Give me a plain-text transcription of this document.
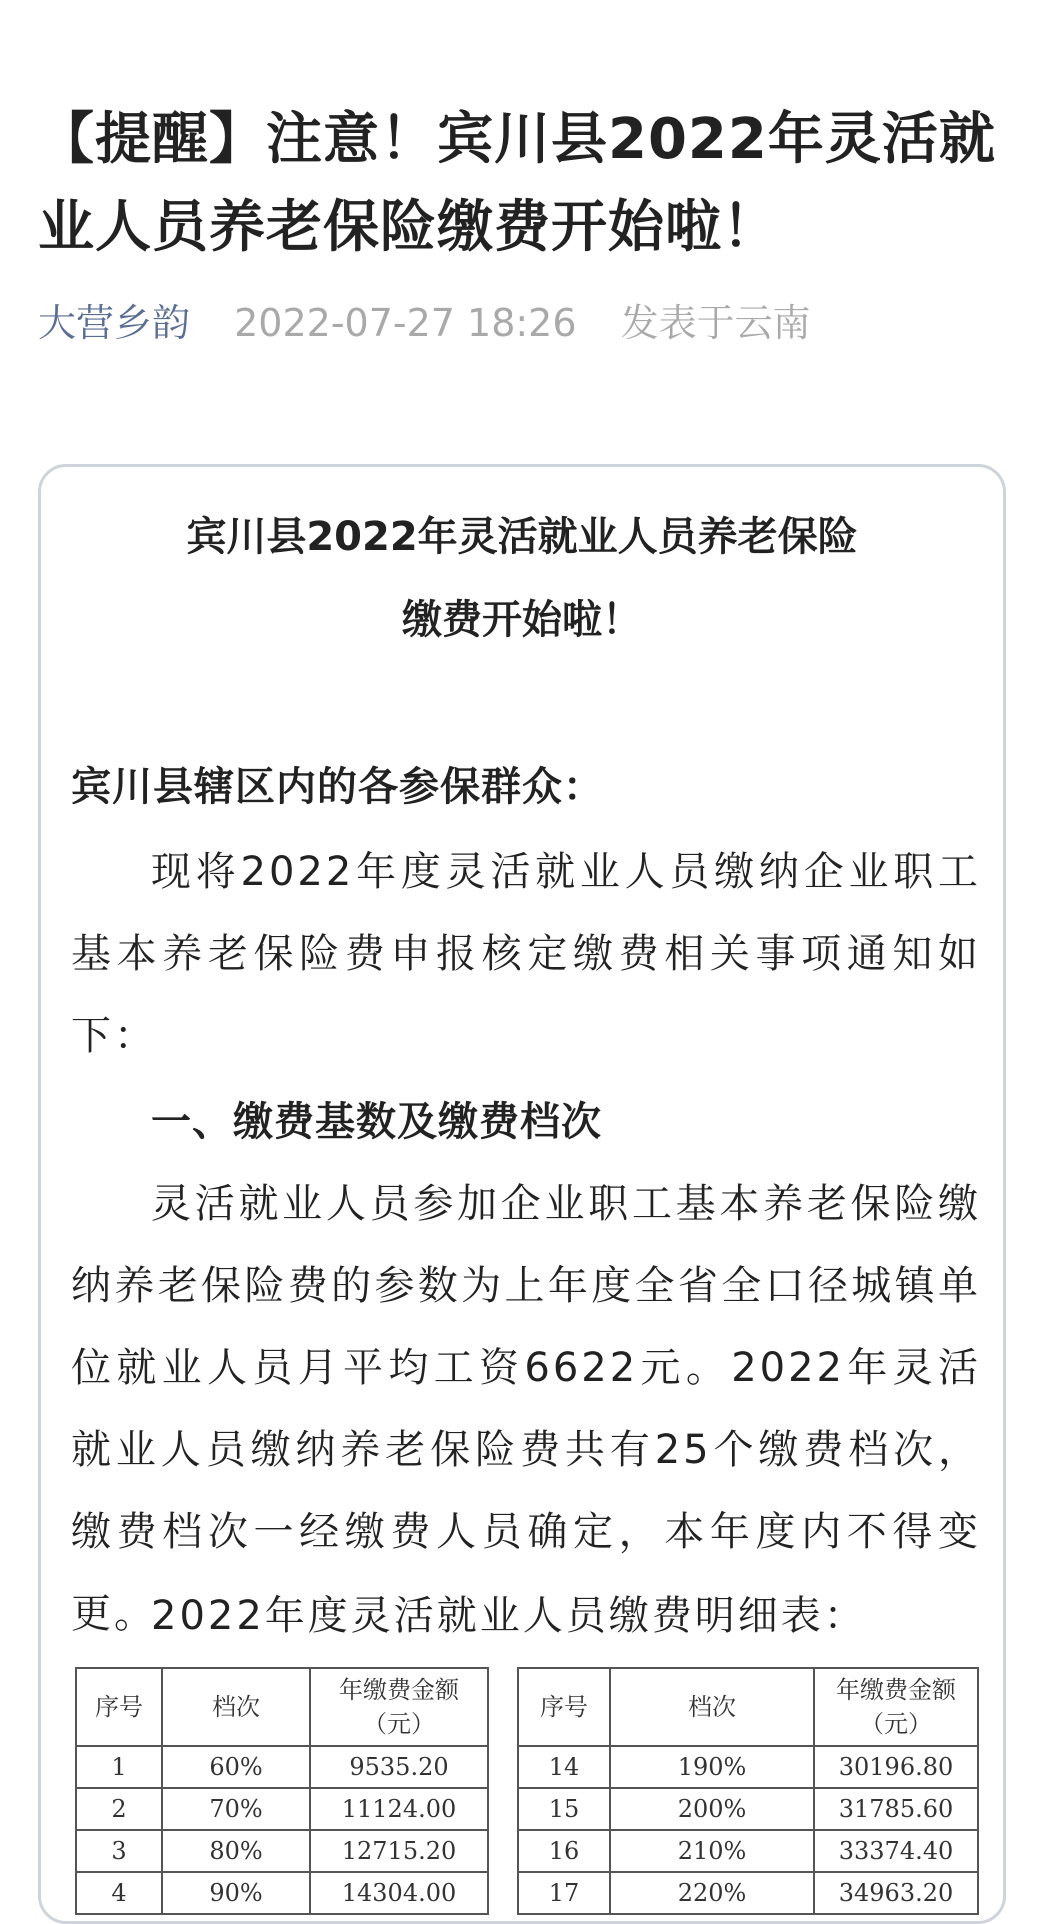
【提醒】注意！宾川县2022年灵活就业人员养老保险缴费开始啦！
大营乡韵 2022-07-27 18:26 发表于云南
宾川县2022年灵活就业人员养老保险
缴费开始啦！
宾川县辖区内的各参保群众：
现将2022年度灵活就业人员缴纳企业职工基本养老保险费申报核定缴费相关事项通知如下：
一、缴费基数及缴费档次
灵活就业人员参加企业职工基本养老保险缴纳养老保险费的参数为上年度全省全口径城镇单位就业人员月平均工资6622元。2022年灵活就业人员缴纳养老保险费共有25个缴费档次，缴费档次一经缴费人员确定，本年度内不得变更。
2022年度灵活就业人员缴费明细表：
序号	档次	年缴费金额（元）
1	60%	9535.20
2	70%	11124.00
3	80%	12715.20
4	90%	14304.00
序号	档次	年缴费金额（元）
14	190%	30196.80
15	200%	31785.60
16	210%	33374.40
17	220%	34963.20
